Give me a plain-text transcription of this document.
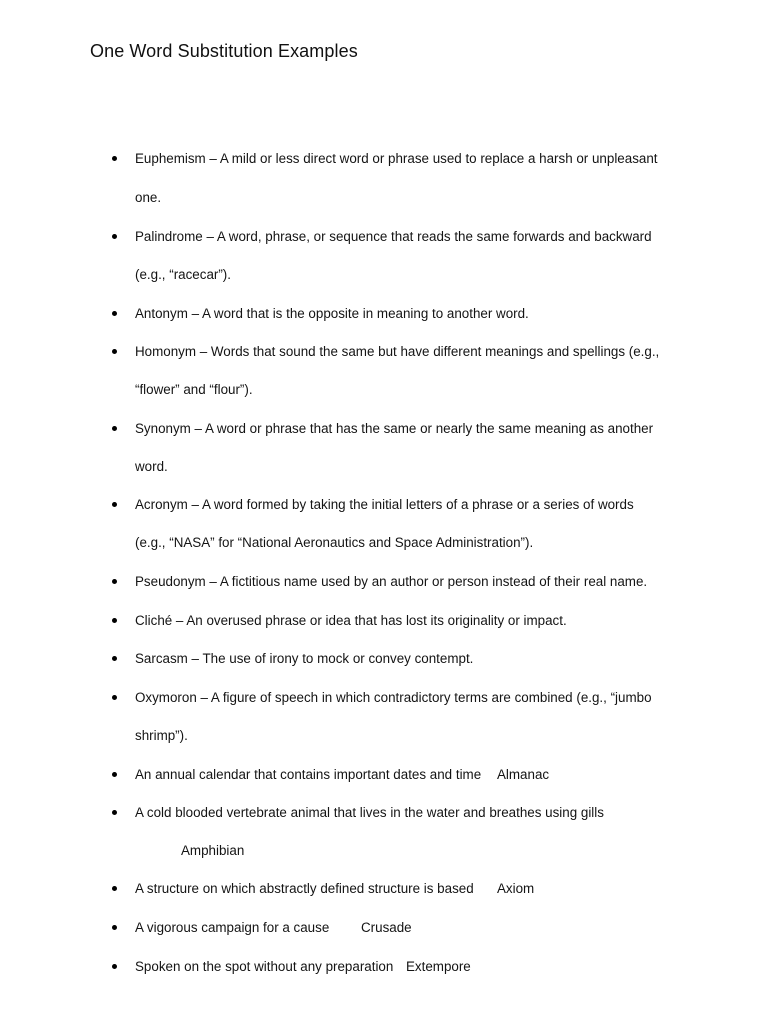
One Word Substitution Examples
Euphemism – A mild or less direct word or phrase used to replace a harsh or unpleasant
one.
Palindrome – A word, phrase, or sequence that reads the same forwards and backward
(e.g., “racecar”).
Antonym – A word that is the opposite in meaning to another word.
Homonym – Words that sound the same but have different meanings and spellings (e.g.,
“flower” and “flour”).
Synonym – A word or phrase that has the same or nearly the same meaning as another
word.
Acronym – A word formed by taking the initial letters of a phrase or a series of words
(e.g., “NASA” for “National Aeronautics and Space Administration”).
Pseudonym – A fictitious name used by an author or person instead of their real name.
Cliché – An overused phrase or idea that has lost its originality or impact.
Sarcasm – The use of irony to mock or convey contempt.
Oxymoron – A figure of speech in which contradictory terms are combined (e.g., “jumbo
shrimp”).
An annual calendar that contains important dates and time Almanac
A cold blooded vertebrate animal that lives in the water and breathes using gills
Amphibian
A structure on which abstractly defined structure is based Axiom
A vigorous campaign for a cause Crusade
Spoken on the spot without any preparation Extempore
